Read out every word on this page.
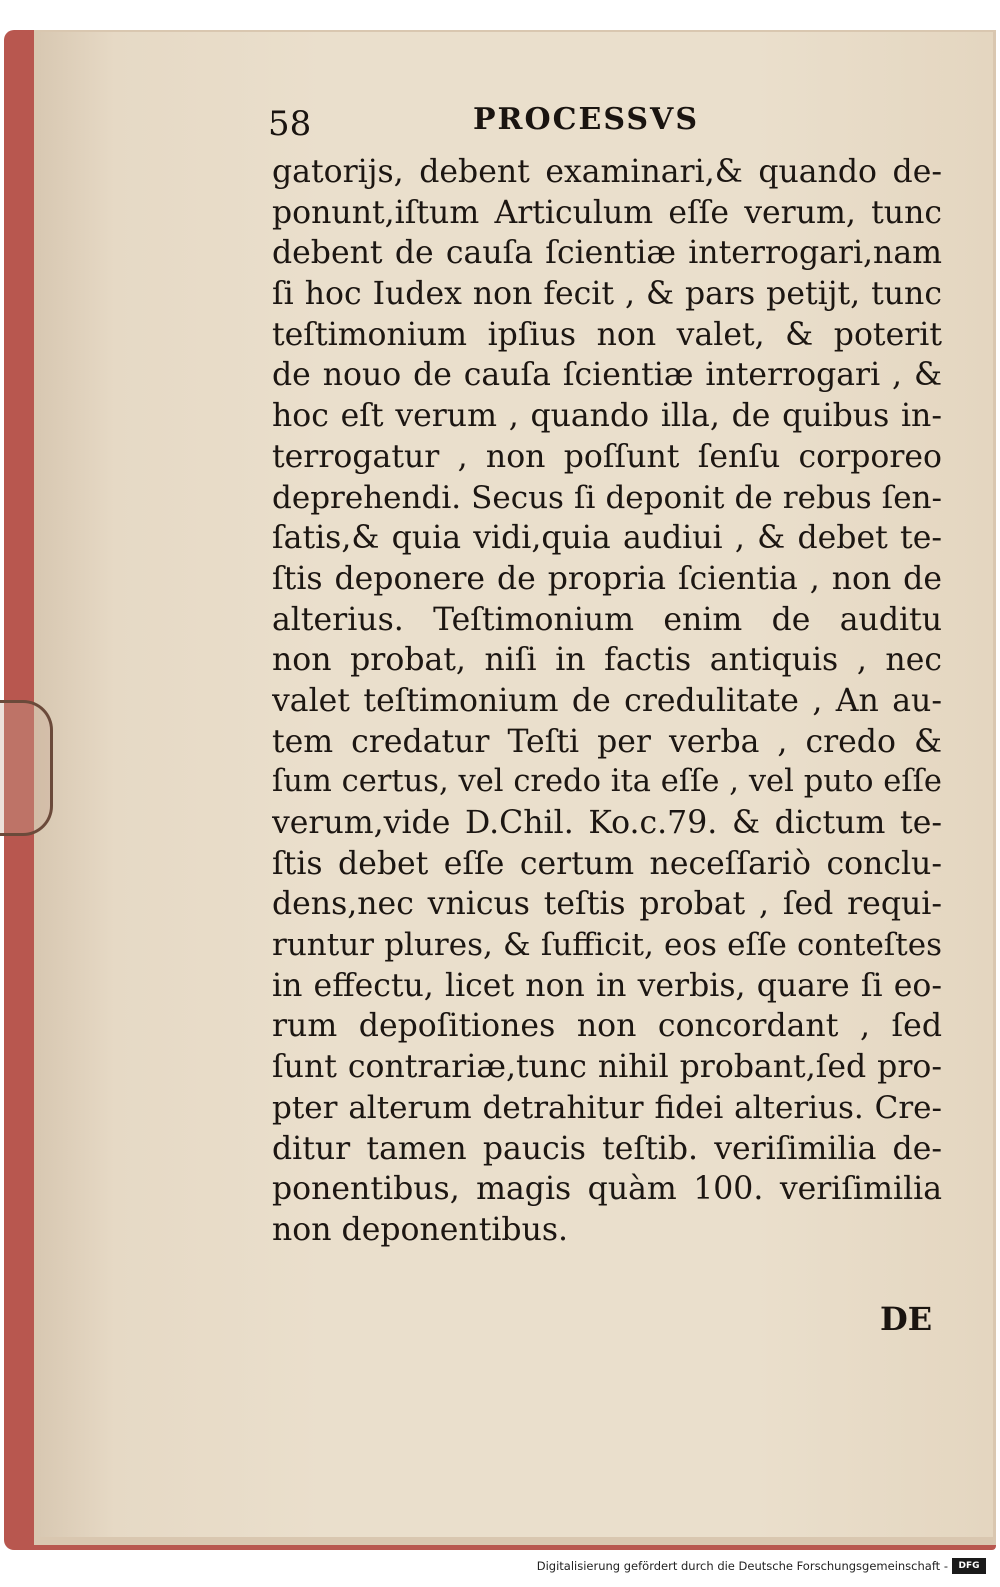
58	PROCESSVS
gatorijs, debent examinari,& quando de-
ponunt,iſtum Articulum eſſe verum, tunc
debent de cauſa ſcientiæ interrogari,nam
ſi hoc Iudex non fecit , & pars petijt, tunc
teſtimonium ipſius non valet, & poterit
de nouo de cauſa ſcientiæ interrogari , &
hoc eſt verum , quando illa, de quibus in-
terrogatur , non poſſunt ſenſu corporeo
deprehendi. Secus ſi deponit de rebus ſen-
ſatis,& quia vidi,quia audiui , & debet te-
ſtis deponere de propria ſcientia , non de
alterius. Teſtimonium enim de auditu
non probat, niſi in factis antiquis , nec
valet teſtimonium de credulitate , An au-
tem credatur Teſti per verba , credo &
ſum certus, vel credo ita eſſe , vel puto eſſe
verum,vide D.Chil. Ko.c.79. & dictum te-
ſtis debet eſſe certum neceſſariò conclu-
dens,nec vnicus teſtis probat , ſed requi-
runtur plures, & ſufficit, eos eſſe conteſtes
in effectu, licet non in verbis, quare ſi eo-
rum depoſitiones non concordant , ſed
ſunt contrariæ,tunc nihil probant,ſed pro-
pter alterum detrahitur fidei alterius. Cre-
ditur tamen paucis teſtib. veriſimilia de-
ponentibus, magis quàm 100. veriſimilia
non deponentibus.
DE
Digitalisierung gefördert durch die Deutsche Forschungsgemeinschaft -	DFG
